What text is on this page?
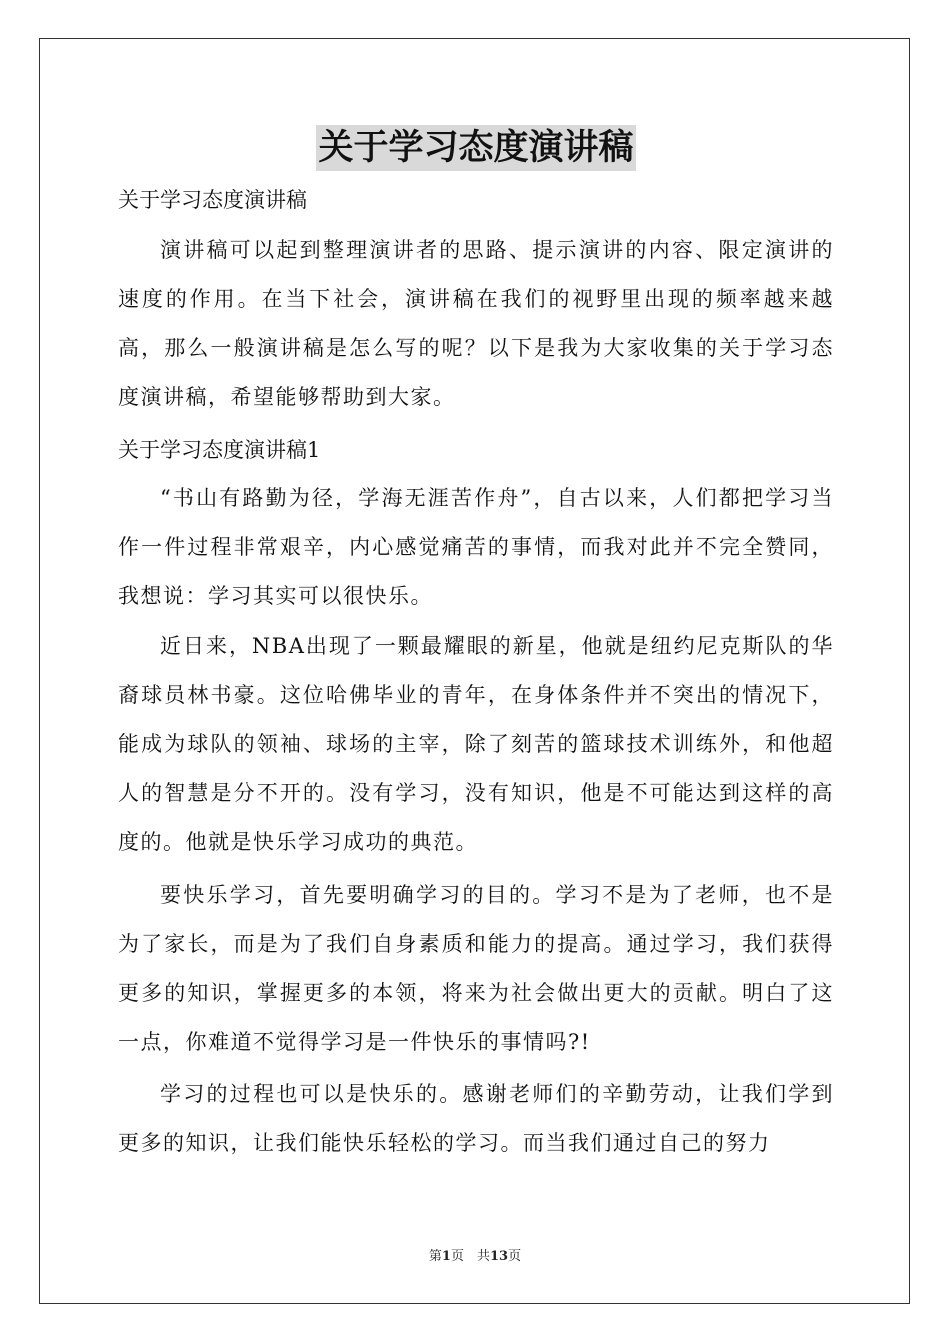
关于学习态度演讲稿
关于学习态度演讲稿

演讲稿可以起到整理演讲者的思路、提示演讲的内容、限定演讲的速度的作用。在当下社会，演讲稿在我们的视野里出现的频率越来越高，那么一般演讲稿是怎么写的呢？以下是我为大家收集的关于学习态度演讲稿，希望能够帮助到大家。

关于学习态度演讲稿1

“书山有路勤为径，学海无涯苦作舟”，自古以来，人们都把学习当作一件过程非常艰辛，内心感觉痛苦的事情，而我对此并不完全赞同，我想说：学习其实可以很快乐。

近日来，NBA出现了一颗最耀眼的新星，他就是纽约尼克斯队的华裔球员林书豪。这位哈佛毕业的青年，在身体条件并不突出的情况下，能成为球队的领袖、球场的主宰，除了刻苦的篮球技术训练外，和他超人的智慧是分不开的。没有学习，没有知识，他是不可能达到这样的高度的。他就是快乐学习成功的典范。

要快乐学习，首先要明确学习的目的。学习不是为了老师，也不是为了家长，而是为了我们自身素质和能力的提高。通过学习，我们获得更多的知识，掌握更多的本领，将来为社会做出更大的贡献。明白了这一点，你难道不觉得学习是一件快乐的事情吗?!

学习的过程也可以是快乐的。感谢老师们的辛勤劳动，让我们学到更多的知识，让我们能快乐轻松的学习。而当我们通过自己的努力

第1页　共13页
